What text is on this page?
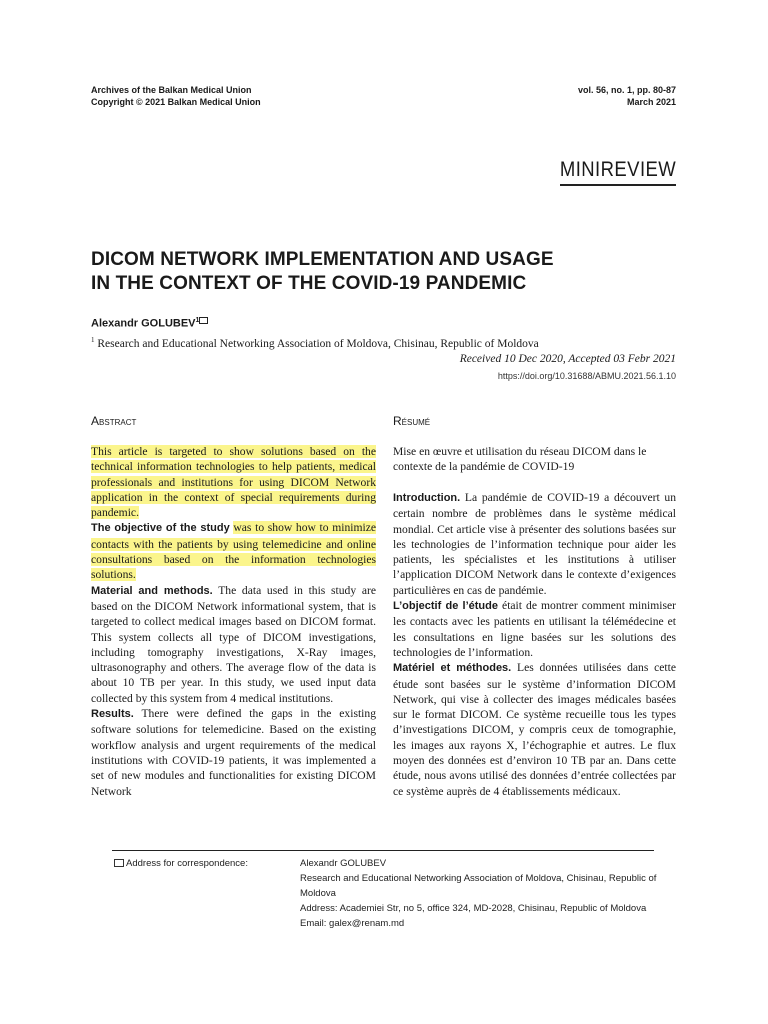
Archives of the Balkan Medical Union
Copyright © 2021 Balkan Medical Union
vol. 56, no. 1, pp. 80-87
March 2021
MINIREVIEW
DICOM NETWORK IMPLEMENTATION AND USAGE
IN THE CONTEXT OF THE COVID-19 PANDEMIC
Alexandr GOLUBEV$^1$
$^1$ Research and Educational Networking Association of Moldova, Chisinau, Republic of Moldova
Received 10 Dec 2020, Accepted 03 Febr 2021
https://doi.org/10.31688/ABMU.2021.56.1.10
Abstract

This article is targeted to show solutions based on the technical information technologies to help patients, medical professionals and institutions for using DICOM Network application in the context of special requirements during pandemic.

The objective of the study was to show how to minimize contacts with the patients by using telemedicine and online consultations based on the information technologies solutions.

Material and methods. The data used in this study are based on the DICOM Network informational system, that is targeted to collect medical images based on DICOM format. This system collects all type of DICOM investigations, including tomography investigations, X-Ray images, ultrasonography and others. The average flow of the data is about 10 TB per year. In this study, we used input data collected by this system from 4 medical institutions.

Results. There were defined the gaps in the existing software solutions for telemedicine. Based on the existing workflow analysis and urgent requirements of the medical institutions with COVID-19 patients, it was implemented a set of new modules and functionalities for existing DICOM Network

Résumé
Mise en œuvre et utilisation du réseau DICOM dans le contexte de la pandémie de COVID-19

Introduction. La pandémie de COVID-19 a découvert un certain nombre de problèmes dans le système médical mondial. Cet article vise à présenter des solutions basées sur les technologies de l’information technique pour aider les patients, les spécialistes et les institutions à utiliser l’application DICOM Network dans le contexte d’exigences particulières en cas de pandémie.

L’objectif de l’étude était de montrer comment minimiser les contacts avec les patients en utilisant la télémédecine et les consultations en ligne basées sur les solutions des technologies de l’information.

Matériel et méthodes. Les données utilisées dans cette étude sont basées sur le système d’information DICOM Network, qui vise à collecter des images médicales basées sur le format DICOM. Ce système recueille tous les types d’investigations DICOM, y compris ceux de tomographie, les images aux rayons X, l’échographie et autres. Le flux moyen des données est d’environ 10 TB par an. Dans cette étude, nous avons utilisé des données d’entrée collectées par ce système auprès de 4 établissements médicaux.

Address for correspondence:	Alexandr GOLUBEV
Research and Educational Networking Association of Moldova, Chisinau, Republic of Moldova
Address: Academiei Str, no 5, office 324, MD-2028, Chisinau, Republic of Moldova
Email: galex@renam.md
